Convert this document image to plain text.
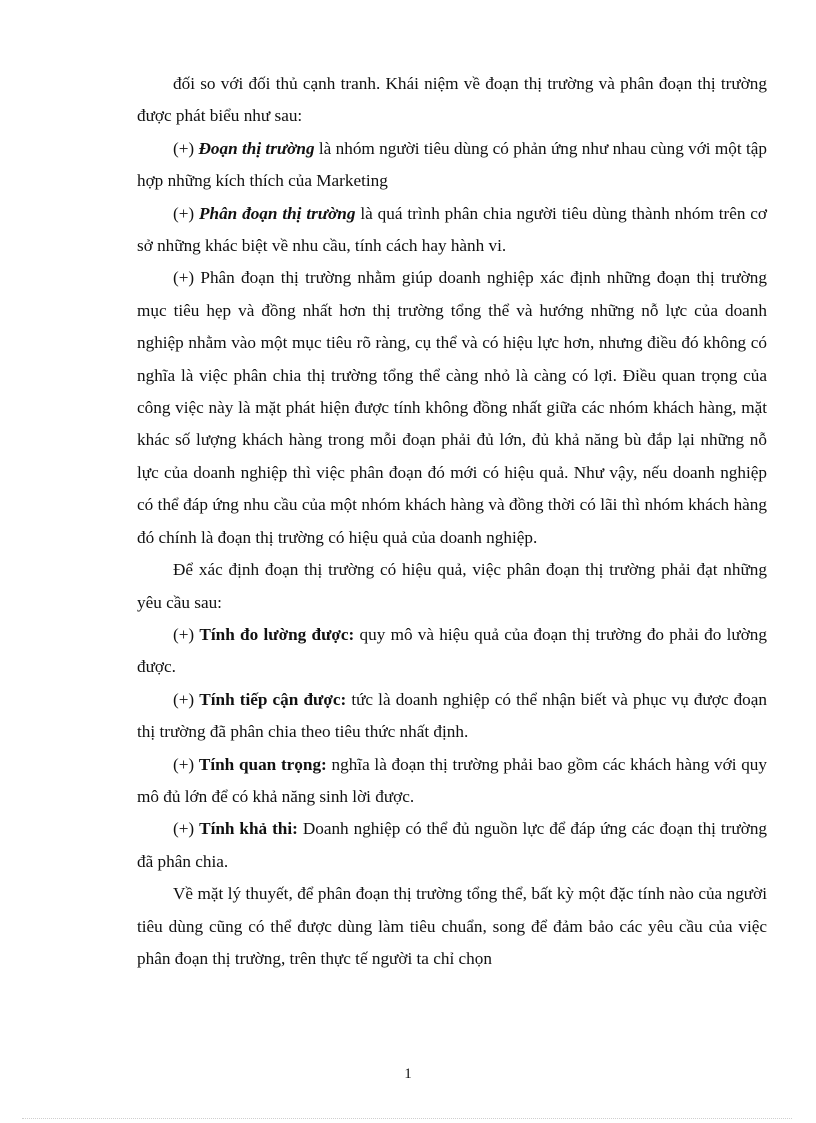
đối so với đối thủ cạnh tranh. Khái niệm về đoạn thị trường và phân đoạn thị trường được phát biểu như sau:

(+) Đoạn thị trường là nhóm người tiêu dùng có phản ứng như nhau cùng với một tập hợp những kích thích của Marketing

(+) Phân đoạn thị trường là quá trình phân chia người tiêu dùng thành nhóm trên cơ sở những khác biệt về nhu cầu, tính cách hay hành vi.

(+) Phân đoạn thị trường nhằm giúp doanh nghiệp xác định những đoạn thị trường mục tiêu hẹp và đồng nhất hơn thị trường tổng thể và hướng những nỗ lực của doanh nghiệp nhằm vào một mục tiêu rõ ràng, cụ thể và có hiệu lực hơn, nhưng điều đó không có nghĩa là việc phân chia thị trường tổng thể càng nhỏ là càng có lợi. Điều quan trọng của công việc này là mặt phát hiện được tính không đồng nhất giữa các nhóm khách hàng, mặt khác số lượng khách hàng trong mỗi đoạn phải đủ lớn, đủ khả năng bù đắp lại những nỗ lực của doanh nghiệp thì việc phân đoạn đó mới có hiệu quả. Như vậy, nếu doanh nghiệp có thể đáp ứng nhu cầu của một nhóm khách hàng và đồng thời có lãi thì nhóm khách hàng đó chính là đoạn thị trường có hiệu quả của doanh nghiệp.

Để xác định đoạn thị trường có hiệu quả, việc phân đoạn thị trường phải đạt những yêu cầu sau:

(+) Tính đo lường được: quy mô và hiệu quả của đoạn thị trường đo phải đo lường được.

(+) Tính tiếp cận được: tức là doanh nghiệp có thể nhận biết và phục vụ được đoạn thị trường đã phân chia theo tiêu thức nhất định.

(+) Tính quan trọng: nghĩa là đoạn thị trường phải bao gồm các khách hàng với quy mô đủ lớn để có khả năng sinh lời được.

(+) Tính khả thi: Doanh nghiệp có thể đủ nguồn lực để đáp ứng các đoạn thị trường đã phân chia.

Về mặt lý thuyết, để phân đoạn thị trường tổng thể, bất kỳ một đặc tính nào của người tiêu dùng cũng có thể được dùng làm tiêu chuẩn, song để đảm bảo các yêu cầu của việc phân đoạn thị trường, trên thực tế người ta chỉ chọn

1
